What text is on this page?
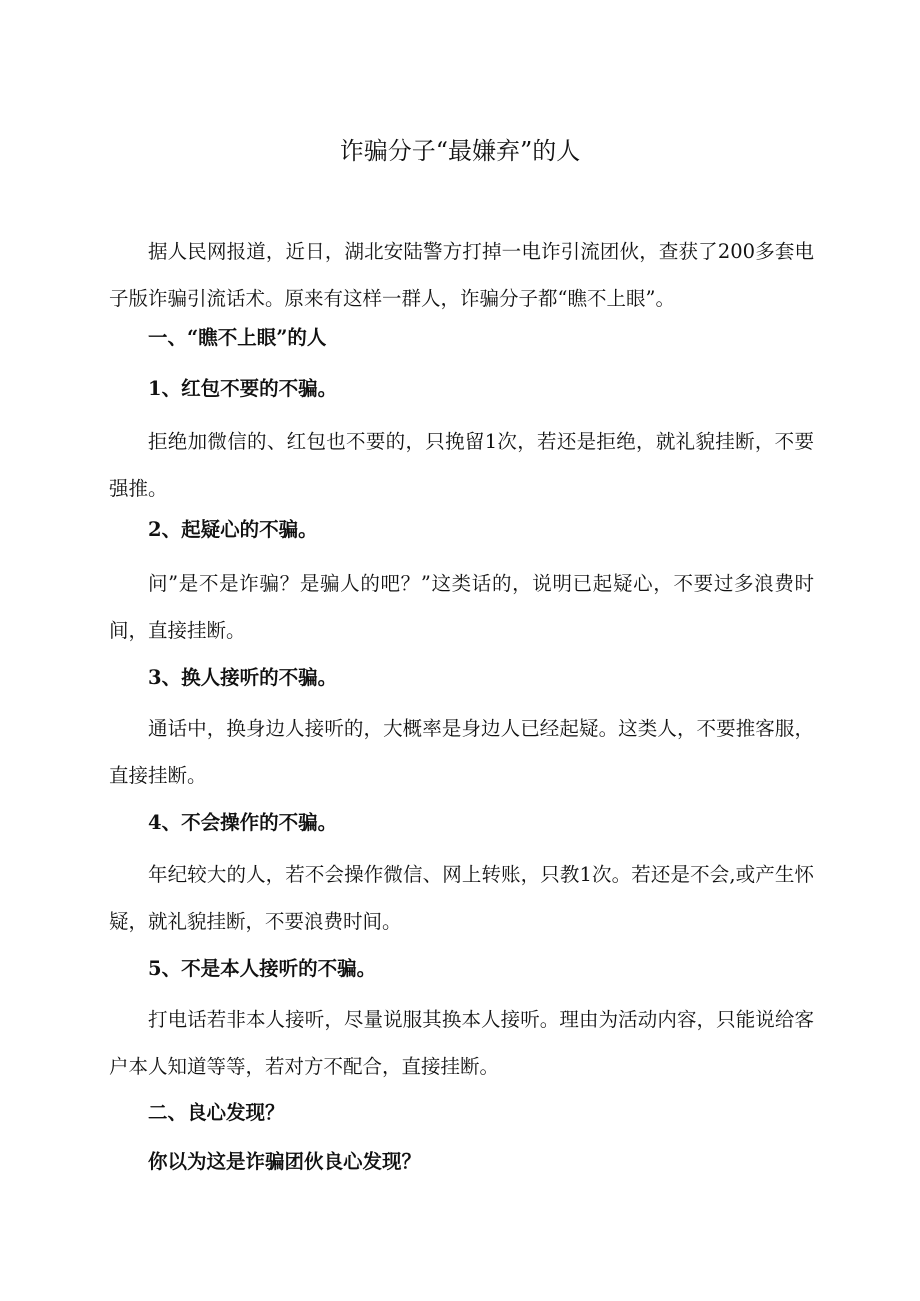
诈骗分子“最嫌弃”的人

据人民网报道，近日，湖北安陆警方打掉一电诈引流团伙，查获了200多套电子版诈骗引流话术。原来有这样一群人，诈骗分子都“瞧不上眼”。

一、“瞧不上眼”的人

1、红包不要的不骗。

拒绝加微信的、红包也不要的，只挽留1次，若还是拒绝，就礼貌挂断，不要强推。

2、起疑心的不骗。

问”是不是诈骗？是骗人的吧？”这类话的，说明已起疑心，不要过多浪费时间，直接挂断。

3、换人接听的不骗。

通话中，换身边人接听的，大概率是身边人已经起疑。这类人，不要推客服，直接挂断。

4、不会操作的不骗。

年纪较大的人，若不会操作微信、网上转账，只教1次。若还是不会,或产生怀疑，就礼貌挂断，不要浪费时间。

5、不是本人接听的不骗。

打电话若非本人接听，尽量说服其换本人接听。理由为活动内容，只能说给客户本人知道等等，若对方不配合，直接挂断。

二、良心发现？

你以为这是诈骗团伙良心发现？
